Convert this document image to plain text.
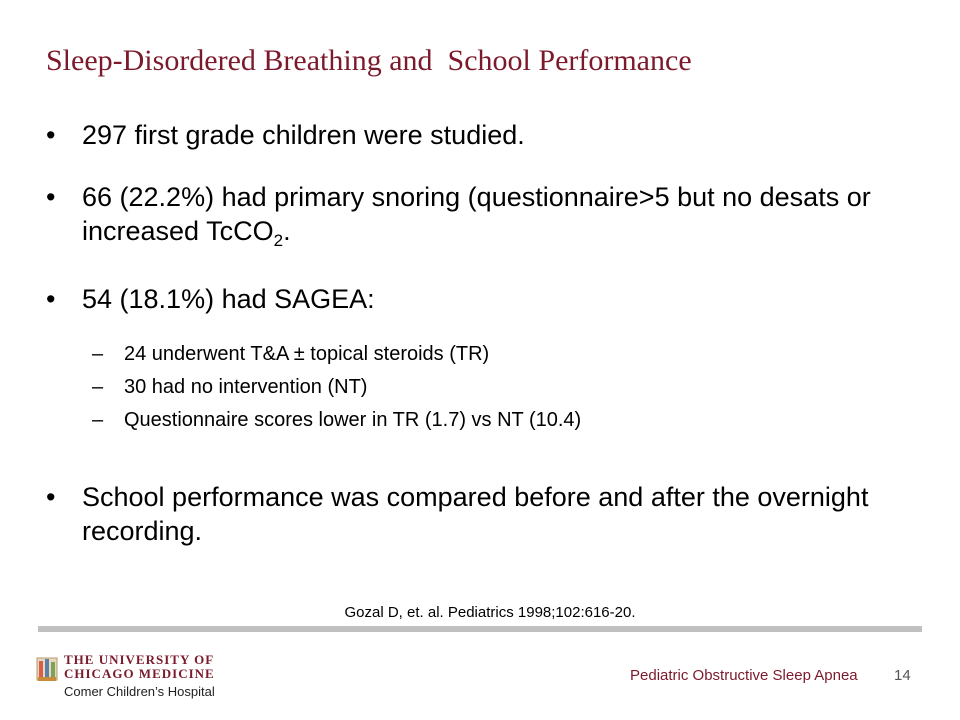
Sleep-Disordered Breathing and  School Performance
• 297 first grade children were studied.
• 66 (22.2%) had primary snoring (questionnaire>5 but no desats or increased TcCO$_2$.
• 54 (18.1%) had SAGEA:
– 24 underwent T&A ± topical steroids (TR)
– 30 had no intervention (NT)
– Questionnaire scores lower in TR (1.7) vs NT (10.4)
• School performance was compared before and after the overnight recording.
Gozal D, et. al. Pediatrics 1998;102:616-20.
THE UNIVERSITY OF
CHICAGO MEDICINE
Comer Children’s Hospital
Pediatric Obstructive Sleep Apnea 14
